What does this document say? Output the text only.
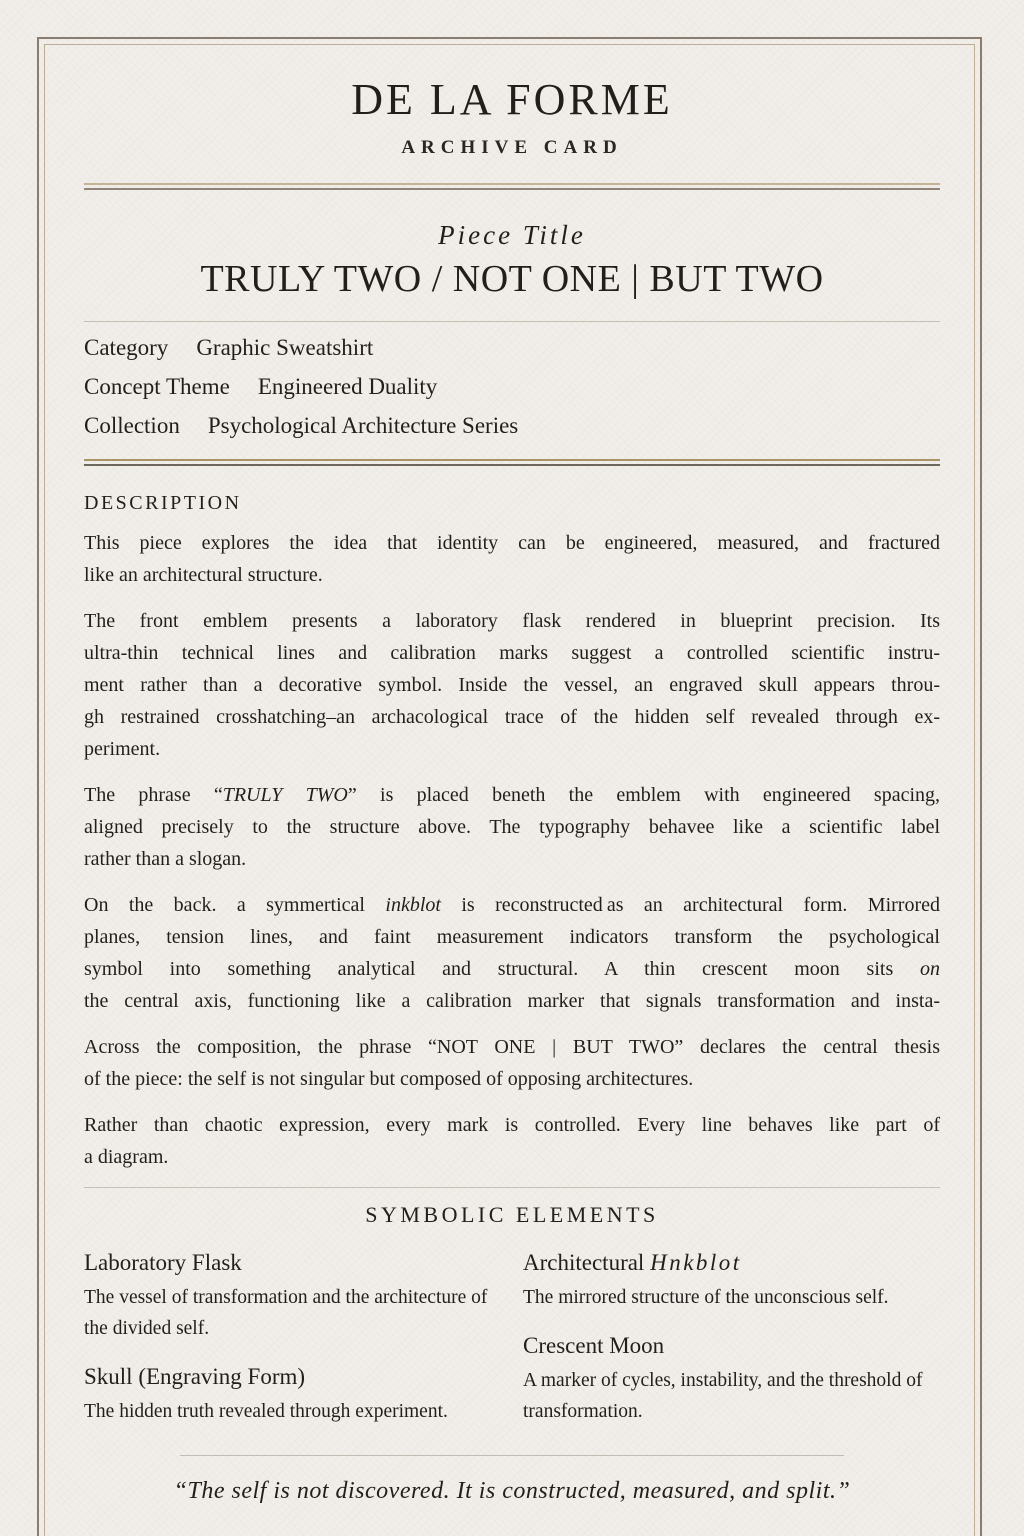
DE LA FORME
ARCHIVE CARD
Piece Title
TRULY TWO / NOT ONE | BUT TWO
Category Graphic Sweatshirt
Concept Theme Engineered Duality
Collection Psychological Architecture Series
DESCRIPTION
This piece explores the idea that identity can be engineered, measured, and fractured
like an architectural structure.
The front emblem presents a laboratory flask rendered in blueprint precision. Its
ultra-thin technical lines and calibration marks suggest a controlled scientific instru-
ment rather than a decorative symbol. Inside the vessel, an engraved skull appears throu-
gh restrained crosshatching–an archacological trace of the hidden self revealed through ex-
periment.
The phrase “TRULY TWO” is placed beneth the emblem with engineered spacing,
aligned precisely to the structure above. The typography behavee like a scientific label
rather than a slogan.
On the back. a symmertical inkblot is reconstructed as an architectural form. Mirrored
planes, tension lines, and faint measurement indicators transform the psychological
symbol into something analytical and structural. A thin crescent moon sits on
the central axis, functioning like a calibration marker that signals transformation and insta-
Across the composition, the phrase “NOT ONE | BUT TWO” declares the central thesis
of the piece: the self is not singular but composed of opposing architectures.
Rather than chaotic expression, every mark is controlled. Every line behaves like part of
a diagram.
SYMBOLIC ELEMENTS
Laboratory Flask

The vessel of transformation and the architecture of the divided self.

Skull (Engraving Form)

The hidden truth revealed through experiment.

Architectural Hnkblot

The mirrored structure of the unconscious self.

Crescent Moon

A marker of cycles, instability, and the threshold of transformation.

“The self is not discovered. It is constructed, measured, and split.”
